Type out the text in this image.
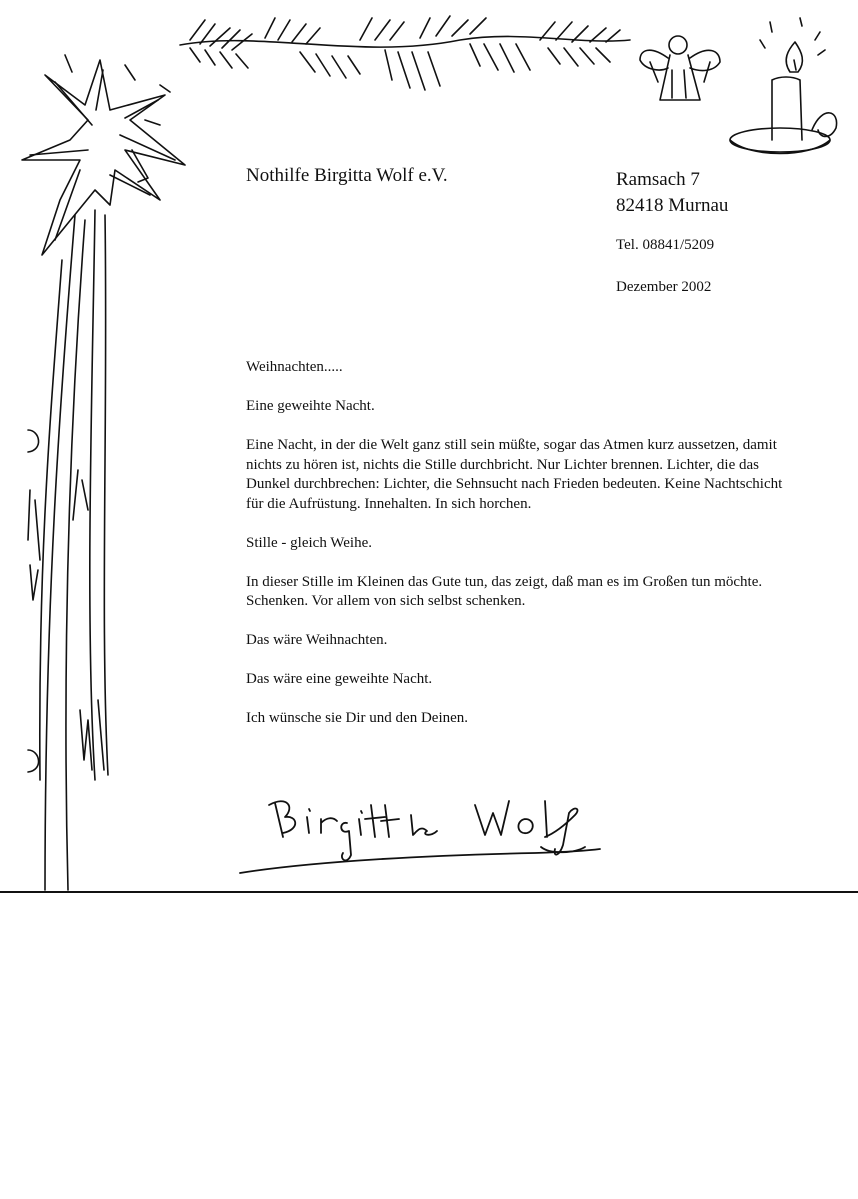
Nothilfe Birgitta Wolf e.V.	Ramsach 7
82418 Murnau
Tel. 08841/5209
Dezember 2002

Weihnachten.....

Eine geweihte Nacht.

Eine Nacht, in der die Welt ganz still sein müßte, sogar das Atmen kurz aussetzen, damit nichts zu hören ist, nichts die Stille durchbricht. Nur Lichter brennen. Lichter, die das Dunkel durchbrechen: Lichter, die Sehnsucht nach Frieden bedeuten. Keine Nachtschicht für die Aufrüstung. Innehalten. In sich horchen.

Stille - gleich Weihe.

In dieser Stille im Kleinen das Gute tun, das zeigt, daß man es im Großen tun möchte. Schenken. Vor allem von sich selbst schenken.

Das wäre Weihnachten.

Das wäre eine geweihte Nacht.

Ich wünsche sie Dir und den Deinen.
